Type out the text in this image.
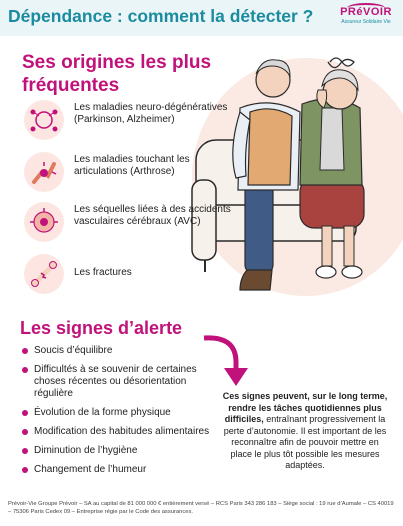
Dépendance : comment la détecter ?	PRéVOIR
Assureur Solidaire Vie
Ses origines les plus fréquentes
Les maladies neuro-dégénératives (Parkinson, Alzheimer)
Les maladies touchant les articulations (Arthrose)
Les séquelles liées à des accidents vasculaires cérébraux (AVC)
Les fractures
Les signes d’alerte
Soucis d’équilibre
Difficultés à se souvenir de certaines choses récentes ou désorientation régulière
Évolution de la forme physique
Modification des habitudes alimentaires
Diminution de l’hygiène
Changement de l’humeur
Ces signes peuvent, sur le long terme, rendre les tâches quotidiennes plus difficiles, entraînant progressivement la perte d’autonomie. Il est important de les reconnaître afin de pouvoir mettre en place le plus tôt possible les mesures adaptées.
Prévoir-Vie Groupe Prévoir – SA au capital de 81 000 000 € entièrement versé – RCS Paris 343 286 183 – Siège social : 19 rue d’Aumale – CS 40019 – 75306 Paris Cedex 09 – Entreprise régie par le Code des assurances.
